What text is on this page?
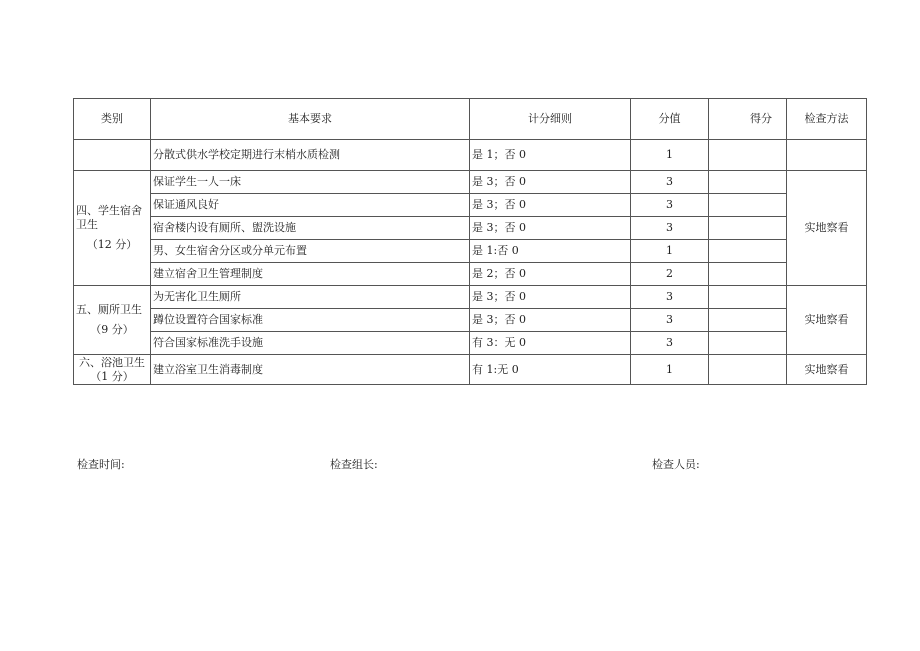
类别	基本要求	计分细则	分值	得分	检查方法
	分散式供水学校定期进行末梢水质检测	是 1；否 0	1		
四、学生宿舍卫生
（12 分）	保证学生一人一床	是 3；否 0	3		实地察看
	保证通风良好	是 3；否 0	3		
	宿舍楼内设有厕所、盥洗设施	是 3；否 0	3		
	男、女生宿舍分区或分单元布置	是 1:否 0	1		
	建立宿舍卫生管理制度	是 2；否 0	2		
五、厕所卫生
（9 分）	为无害化卫生厕所	是 3；否 0	3		实地察看
	蹲位设置符合国家标准	是 3；否 0	3		
	符合国家标准洗手设施	有 3：无 0	3		
六、浴池卫生
（1 分）	建立浴室卫生消毒制度	有 1:无 0	1		实地察看
检查时间:	检查组长:	检查人员:
